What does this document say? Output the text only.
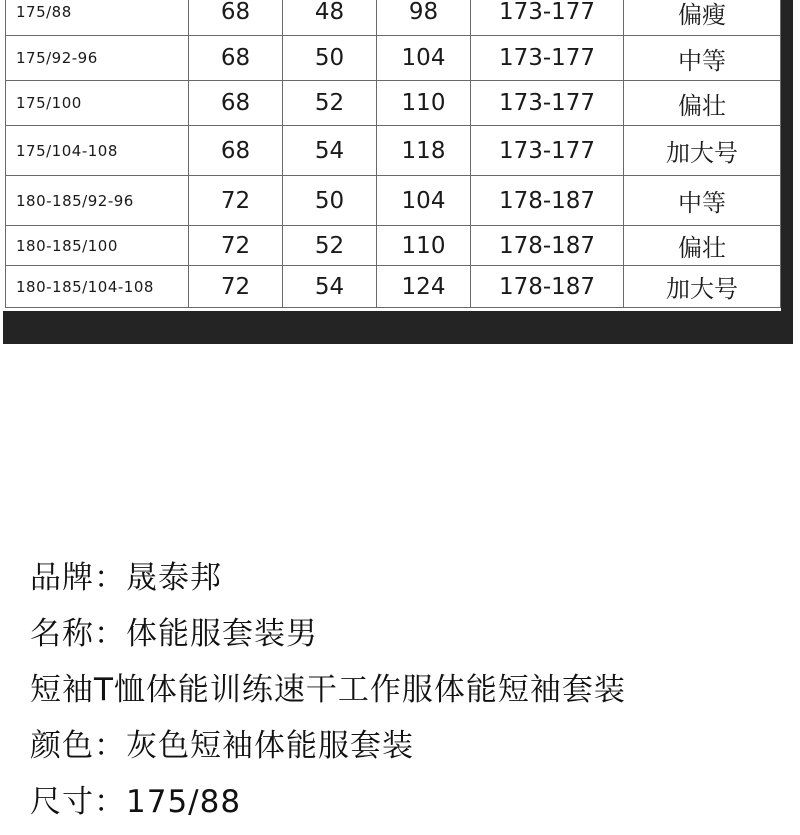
175/88	68	48	98	173-177	偏瘦
175/92-96	68	50	104	173-177	中等
175/100	68	52	110	173-177	偏壮
175/104-108	68	54	118	173-177	加大号
180-185/92-96	72	50	104	178-187	中等
180-185/100	72	52	110	178-187	偏壮
180-185/104-108	72	54	124	178-187	加大号
品牌：晟泰邦
名称：体能服套装男
短袖T恤体能训练速干工作服体能短袖套装
颜色：灰色短袖体能服套装
尺寸：175/88
